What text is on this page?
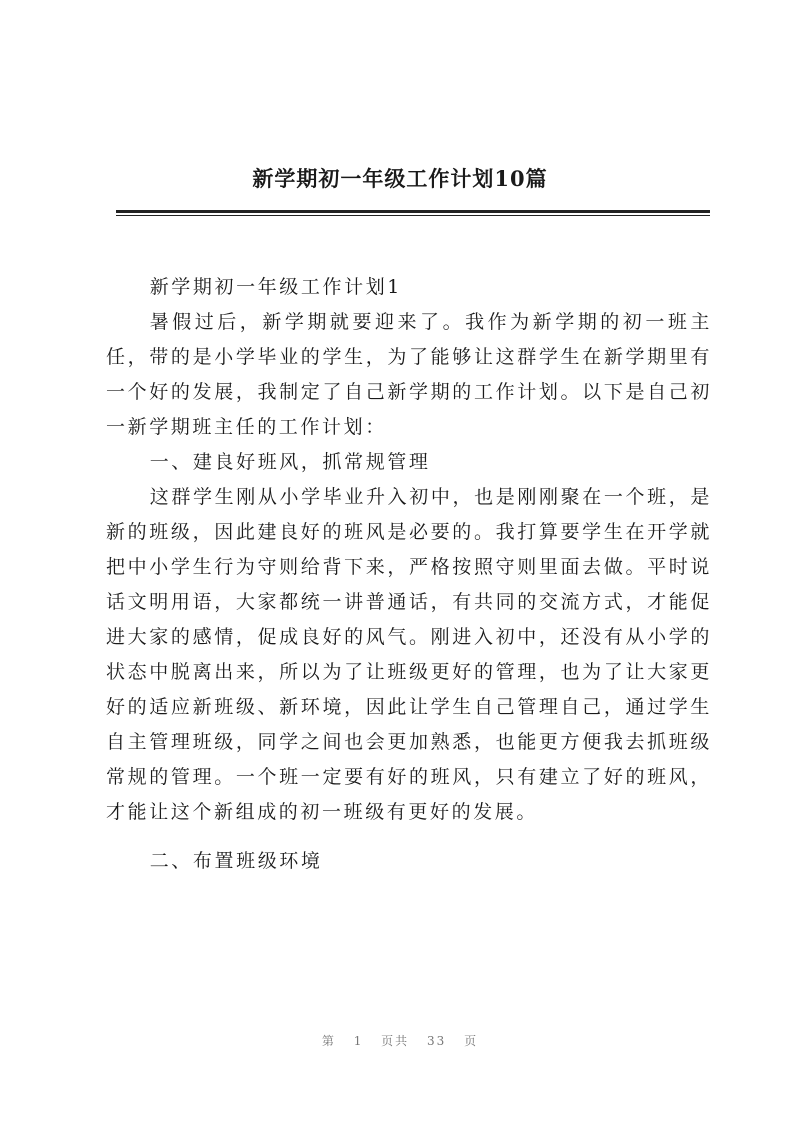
新学期初一年级工作计划10篇

新学期初一年级工作计划1

暑假过后，新学期就要迎来了。我作为新学期的初一班主任，带的是小学毕业的学生，为了能够让这群学生在新学期里有一个好的发展，我制定了自己新学期的工作计划。以下是自己初一新学期班主任的工作计划：

一、建良好班风，抓常规管理

这群学生刚从小学毕业升入初中，也是刚刚聚在一个班，是新的班级，因此建良好的班风是必要的。我打算要学生在开学就把中小学生行为守则给背下来，严格按照守则里面去做。平时说话文明用语，大家都统一讲普通话，有共同的交流方式，才能促进大家的感情，促成良好的风气。刚进入初中，还没有从小学的状态中脱离出来，所以为了让班级更好的管理，也为了让大家更好的适应新班级、新环境，因此让学生自己管理自己，通过学生自主管理班级，同学之间也会更加熟悉，也能更方便我去抓班级常规的管理。一个班一定要有好的班风，只有建立了好的班风，才能让这个新组成的初一班级有更好的发展。

二、布置班级环境

第 1 页共 33 页
